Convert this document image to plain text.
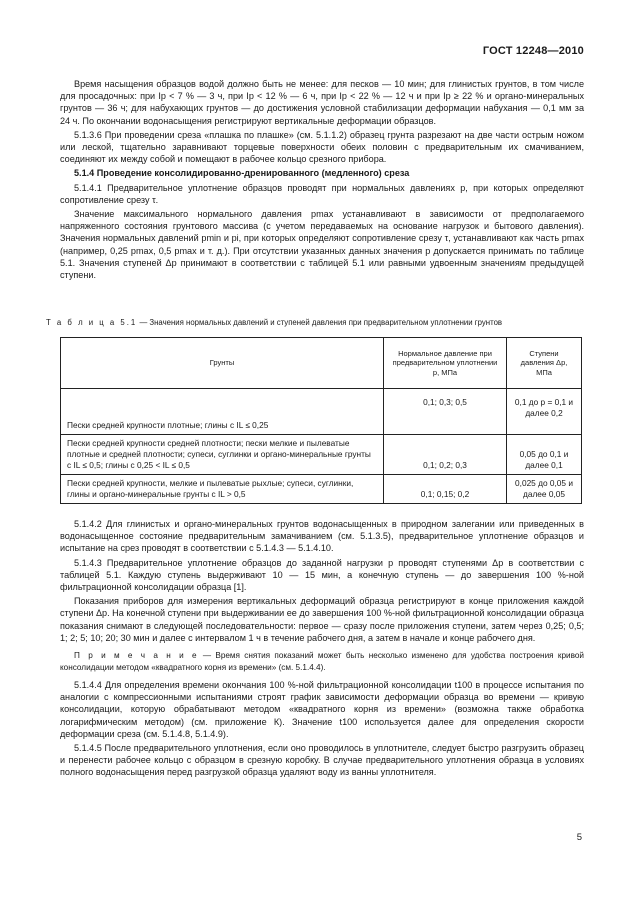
ГОСТ 12248—2010

Время насыщения образцов водой должно быть не менее: для песков — 10 мин; для глинистых грунтов, в том числе для просадочных: при Iр < 7 % — 3 ч, при Iр < 12 % — 6 ч, при Iр < 22 % — 12 ч и при Iр ≥ 22 % и органо-минеральных грунтов — 36 ч; для набухающих грунтов — до достижения условной стабилизации деформации набухания — 0,1 мм за 24 ч. По окончании водонасыщения регистрируют вертикальные деформации образцов.

5.1.3.6 При проведении среза «плашка по плашке» (см. 5.1.1.2) образец грунта разрезают на две части острым ножом или леской, тщательно заравнивают торцевые поверхности обеих половин с предварительным их смачиванием, соединяют их между собой и помещают в рабочее кольцо срезного прибора.

5.1.4 Проведение консолидированно-дренированного (медленного) среза

5.1.4.1 Предварительное уплотнение образцов проводят при нормальных давлениях p, при которых определяют сопротивление срезу τ.

Значение максимального нормального давления pmax устанавливают в зависимости от предполагаемого напряженного состояния грунтового массива (с учетом передаваемых на основание нагрузок и бытового давления). Значения нормальных давлений pmin и pi, при которых определяют сопротивление срезу τ, устанавливают как часть pmax (например, 0,25 pmax, 0,5 pmax и т. д.). При отсутствии указанных данных значения p допускается принимать по таблице 5.1. Значения ступеней Δp принимают в соответствии с таблицей 5.1 или равными удвоенным значениям предыдущей ступени.

Т а б л и ц а 5.1 — Значения нормальных давлений и ступеней давления при предварительном уплотнении грунтов
Грунты	Нормальное давление при предварительном уплотнении p, МПа	Ступени давления Δp, МПа
Пески средней крупности плотные; глины с IL ≤ 0,25	0,1; 0,3; 0,5	0,1 до p = 0,1 и далее 0,2
Пески средней крупности средней плотности; пески мелкие и пылеватые плотные и средней плотности; супеси, суглинки и органо-минеральные грунты с IL ≤ 0,5; глины с 0,25 < IL ≤ 0,5	0,1; 0,2; 0,3	0,05 до 0,1 и далее 0,1
Пески средней крупности, мелкие и пылеватые рыхлые; супеси, суглинки, глины и органо-минеральные грунты с IL > 0,5	0,1; 0,15; 0,2	0,025 до 0,05 и далее 0,05

5.1.4.2 Для глинистых и органо-минеральных грунтов водонасыщенных в природном залегании или приведенных в водонасыщенное состояние предварительным замачиванием (см. 5.1.3.5), предварительное уплотнение образцов и испытание на срез проводят в соответствии с 5.1.4.3 — 5.1.4.10.

5.1.4.3 Предварительное уплотнение образцов до заданной нагрузки p проводят ступенями Δp в соответствии с таблицей 5.1. Каждую ступень выдерживают 10 — 15 мин, а конечную ступень — до завершения 100 %-ной фильтрационной консолидации образца [1].

Показания приборов для измерения вертикальных деформаций образца регистрируют в конце приложения каждой ступени Δp. На конечной ступени при выдерживании ее до завершения 100 %-ной фильтрационной консолидации образца показания снимают в следующей последовательности: первое — сразу после приложения ступени, затем через 0,25; 0,5; 1; 2; 5; 10; 20; 30 мин и далее с интервалом 1 ч в течение рабочего дня, а затем в начале и конце рабочего дня.

П р и м е ч а н и е — Время снятия показаний может быть несколько изменено для удобства построения кривой консолидации методом «квадратного корня из времени» (см. 5.1.4.4).

5.1.4.4 Для определения времени окончания 100 %-ной фильтрационной консолидации t100 в процессе испытания по аналогии с компрессионными испытаниями строят график зависимости деформации образца во времени — кривую консолидации, которую обрабатывают методом «квадратного корня из времени» (возможна также обработка логарифмическим методом) (см. приложение К). Значение t100 используется далее для определения скорости деформации среза (см. 5.1.4.8, 5.1.4.9).

5.1.4.5 После предварительного уплотнения, если оно проводилось в уплотнителе, следует быстро разгрузить образец и перенести рабочее кольцо с образцом в срезную коробку. В случае предварительного уплотнения образца в условиях полного водонасыщения перед разгрузкой образца удаляют воду из ванны уплотнителя.

5
